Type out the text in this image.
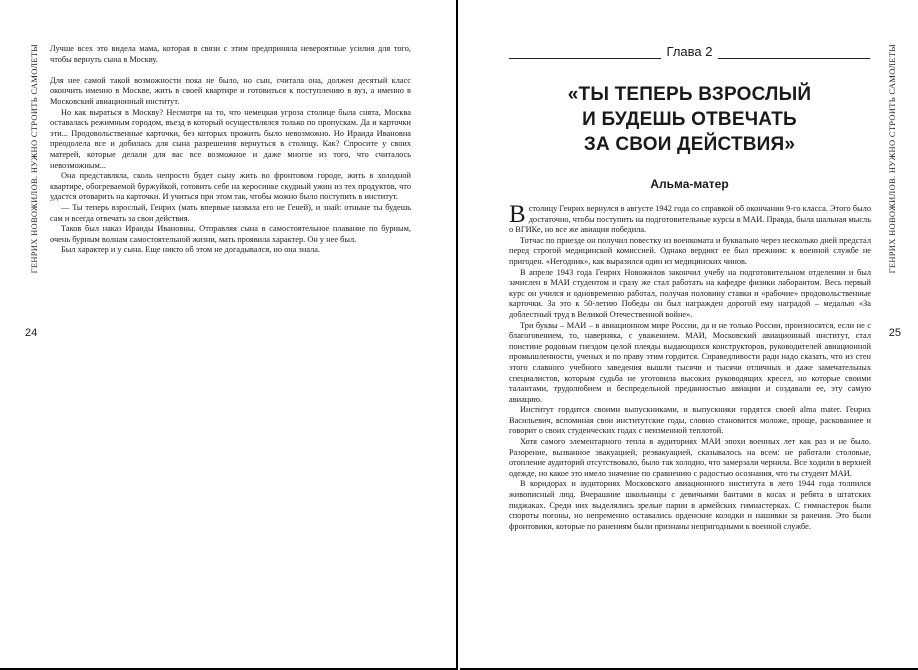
ГЕНРИХ НОВОЖИЛОВ. НУЖНО СТРОИТЬ САМОЛЕТЫ
24

Лучше всех это видела мама, которая в связи с этим предприняла невероятные усилия для того, чтобы вернуть сына в Москву.

Для нее самой такой возможности пока не было, но сын, считала она, должен десятый класс окончить именно в Москве, жить в своей квартире и готовиться к поступлению в вуз, а именно в Московский авиационный институт.

Но как выраться в Москву? Несмотря на то, что немецкая угроза столице была снята, Москва оставалась режимным городом, въезд в который осуществлялся только по пропускам. Да и карточки эти... Продовольственные карточки, без которых прожить было невозможно. Но Ираида Ивановна преодолела все и добилась для сына разрешения вернуться в столицу. Как? Спросите у своих матерей, которые делали для вас все возможное и даже многое из того, что считалось невозможным...

Она представляла, сколь непросто будет сыну жить во фронтовом городе, жить в холодной квартире, обогреваемой буржуйкой, готовить себе на керосинке скудный ужин из тех продуктов, что удастся отоварить на карточки. И учиться при этом так, чтобы можно было поступить в институт.

— Ты теперь взрослый, Генрих (мать впервые назвала его не Геней), и знай: отныне ты будешь сам и всегда отвечать за свои действия.

Таков был наказ Ираиды Ивановны. Отправляя сына в самостоятельное плавание по бурным, очень бурным волнам самостоятельной жизни, мать проявила характер. Он у нее был.

Был характер и у сына. Еще никто об этом не догадывался, но она знала.	ГЕНРИХ НОВОЖИЛОВ. НУЖНО СТРОИТЬ САМОЛЕТЫ
25
Глава 2
«ТЫ ТЕПЕРЬ ВЗРОСЛЫЙ
И БУДЕШЬ ОТВЕЧАТЬ
ЗА СВОИ ДЕЙСТВИЯ»
Альма-матер

Встолицу Генрих вернулся в августе 1942 года со справкой об окончании 9-го класса. Этого было достаточно, чтобы поступить на подготовительные курсы в МАИ. Правда, была шальная мысль о ВГИКе, но все же авиация победила.

Тотчас по приезде он получил повестку из военкомата и буквально через несколько дней предстал перед строгой медицинской комиссией. Однако вердикт ее был прежним: к военной службе не пригоден. «Негодник», как выразился один из медицинских чинов.

В апреле 1943 года Генрих Новожилов закончил учебу на подготовительном отделении и был зачислен в МАИ студентом и сразу же стал работать на кафедре физики лаборантом. Весь первый курс он учился и одновременно работал, получая половину ставки и «рабочие» продовольственные карточки. За это к 50-летию Победы он был награжден дорогой ему наградой – медалью «За доблестный труд в Великой Отечественной войне».

Три буквы – МАИ – в авиационном мире России, да и не только России, произносятся, если не с благоговением, то, наверняка, с уважением. МАИ, Московский авиационный институт, стал поистине родовым гнездом целой плеяды выдающихся конструкторов, руководителей авиационной промышленности, ученых и по праву этим гордится. Справедливости ради надо сказать, что из стен этого славного учебного заведения вышли тысячи и тысячи отличных и даже замечательных специалистов, которым судьба не уготовила высоких руководящих кресел, но которые своими талантами, трудолюбием и беспредельной преданностью авиации и создавали ее, эту самую авиацию.

Институт гордится своими выпускниками, и выпускники гордятся своей alma mater. Генрих Васильевич, вспоминая свои институтские годы, словно становится моложе, проще, раскованнее и говорит о своих студенческих годах с неизменной теплотой.

Хотя самого элементарного тепла в аудиториях МАИ эпохи военных лет как раз и не было. Разорение, вызванное эвакуацией, реэвакуацией, сказывалось на всем: не работали столовые, отопление аудиторий отсутствовало, было так холодно, что замерзали чернила. Все ходили в верхней одежде, но какое это имело значение по сравнению с радостью осознания, что ты студент МАИ.

В коридорах и аудиториях Московского авиационного института в лето 1944 года толпился живописный люд. Вчерашние школьницы с девичьими бантами в косах и ребята в штатских пиджаках. Среди них выделялись зрелые парни в армейских гимнастерках. С гимнастерок были спороты погоны, но непременно оставались орденские колодки и нашивки за ранения. Это были фронтовики, которые по ранениям были признаны непригодными к военной службе.
